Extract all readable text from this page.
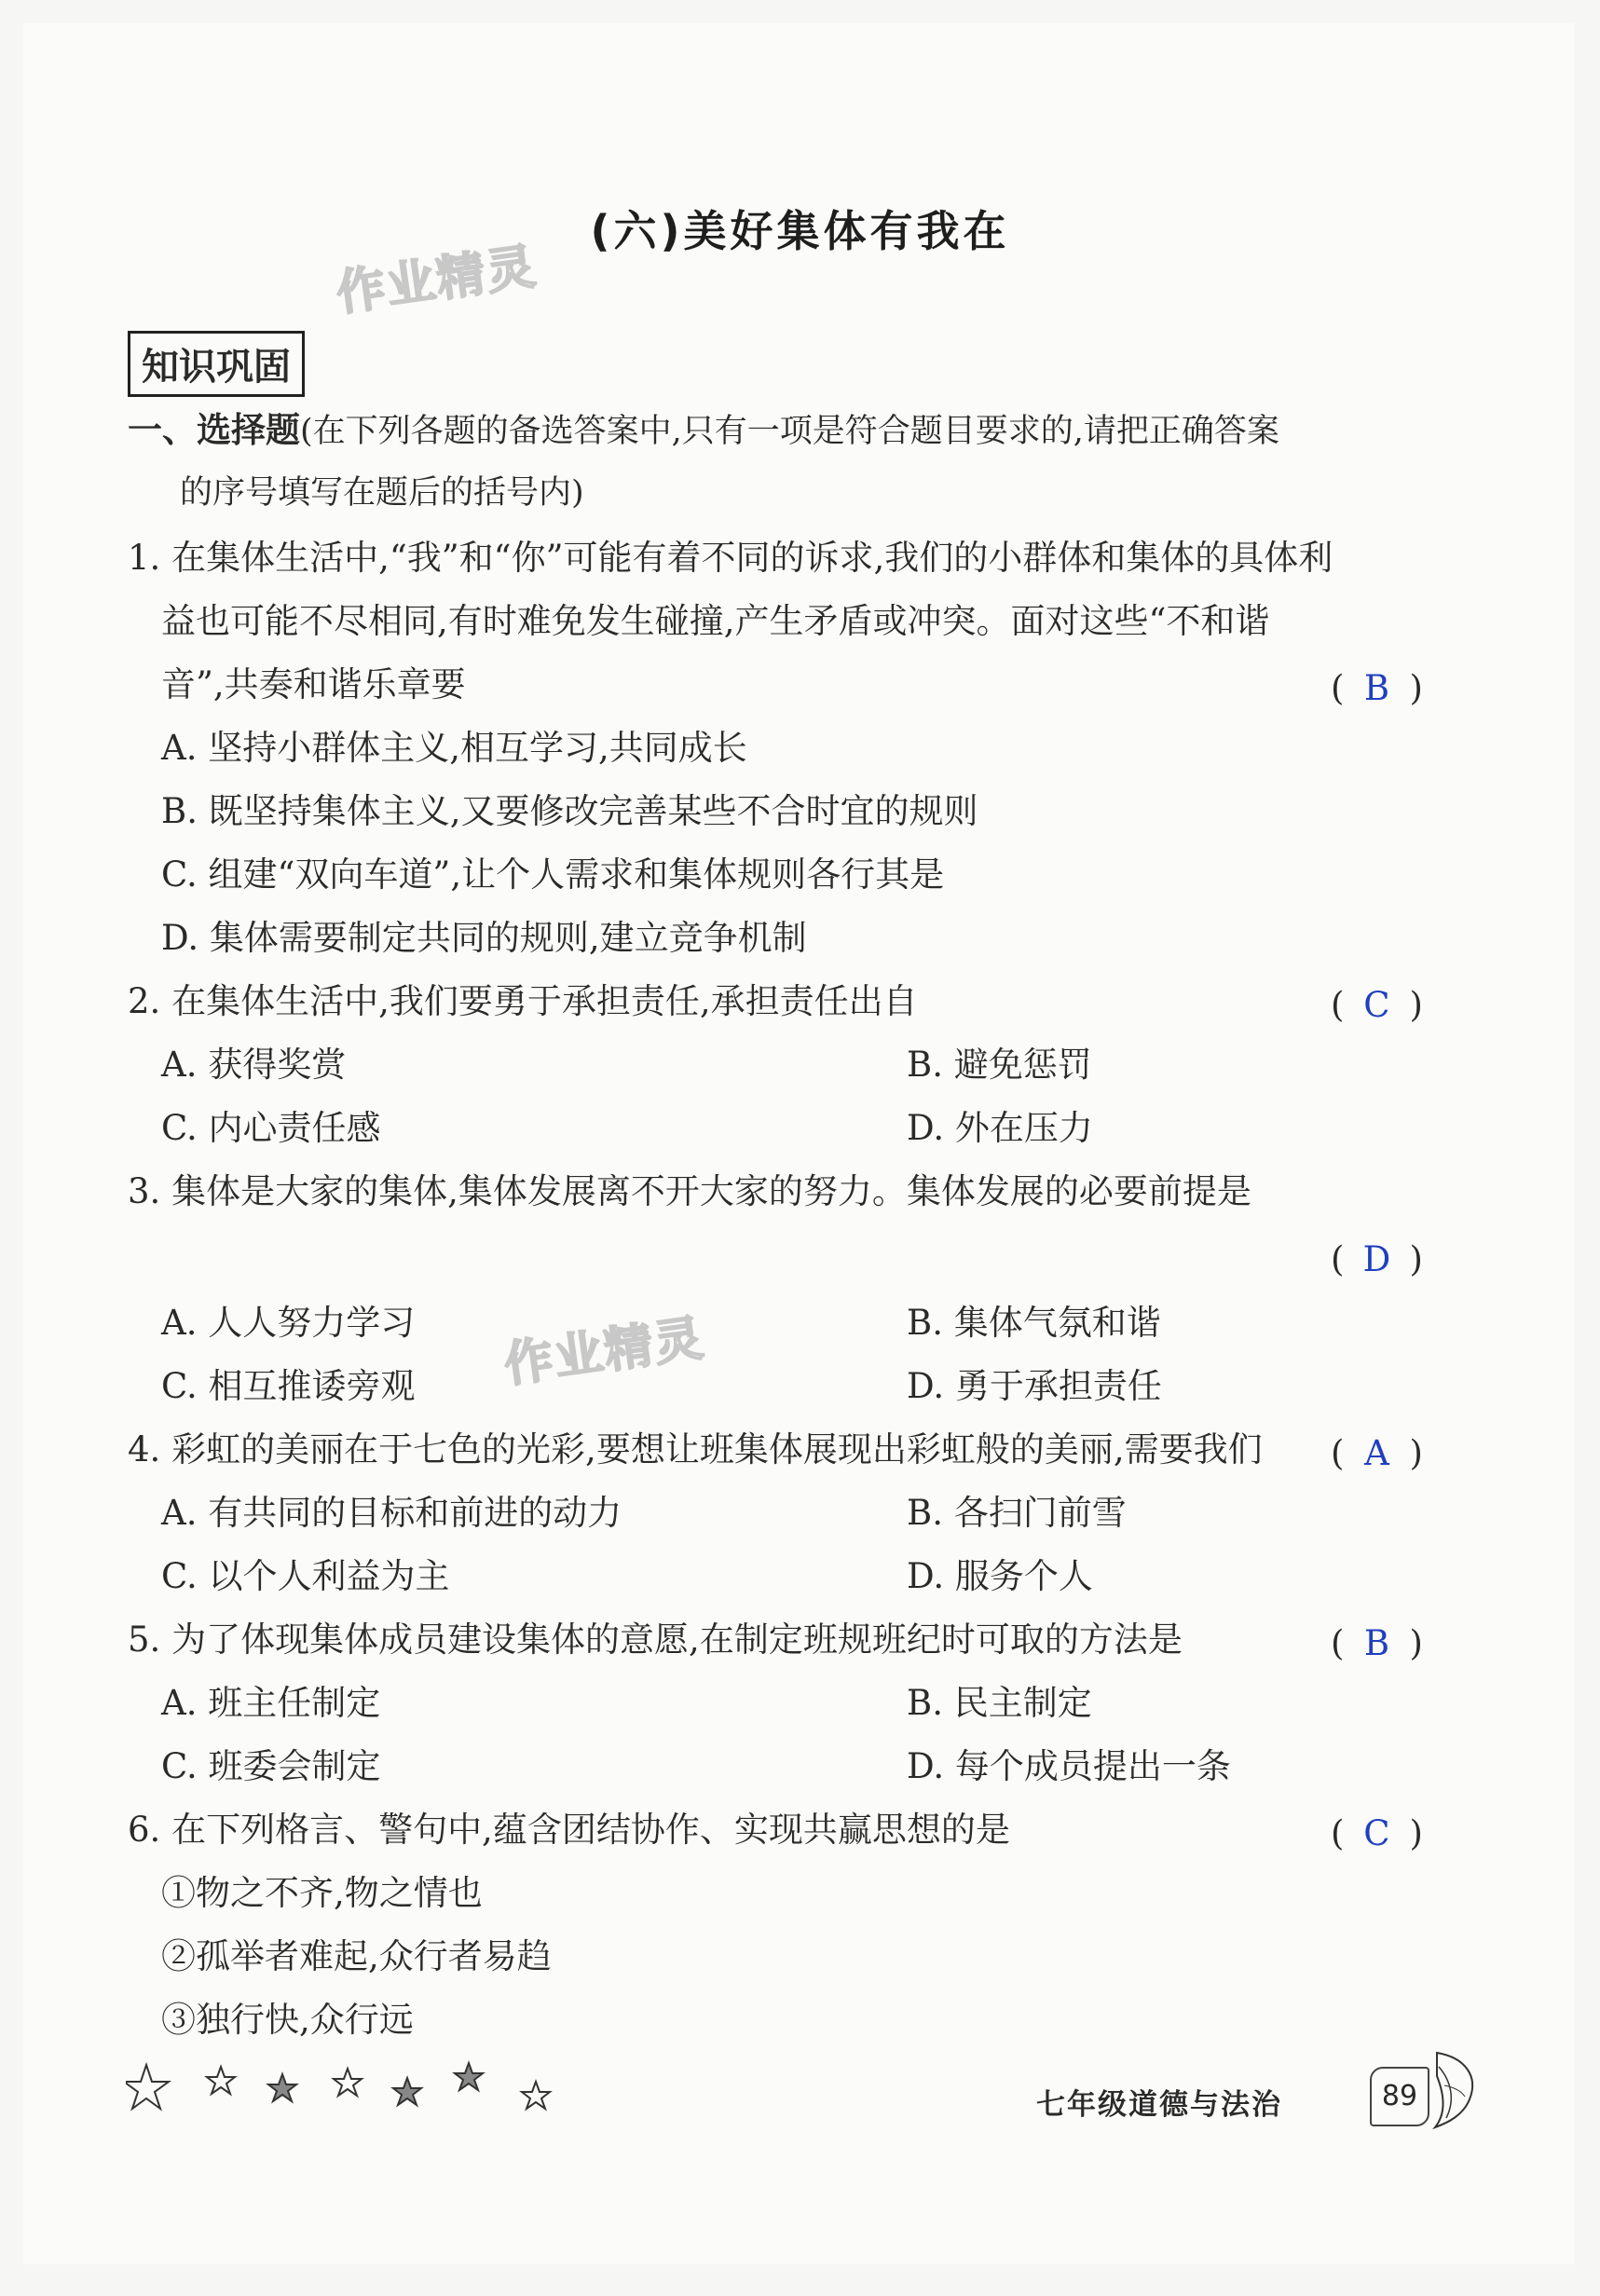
(六)美好集体有我在
作业精灵
作业精灵
知识巩固
一、选择题(在下列各题的备选答案中,只有一项是符合题目要求的,请把正确答案
的序号填写在题后的括号内)
1. 在集体生活中,“我”和“你”可能有着不同的诉求,我们的小群体和集体的具体利
益也可能不尽相同,有时难免发生碰撞,产生矛盾或冲突。面对这些“不和谐
音”,共奏和谐乐章要	( B )
A. 坚持小群体主义,相互学习,共同成长
B. 既坚持集体主义,又要修改完善某些不合时宜的规则
C. 组建“双向车道”,让个人需求和集体规则各行其是
D. 集体需要制定共同的规则,建立竞争机制
2. 在集体生活中,我们要勇于承担责任,承担责任出自	( C )
A. 获得奖赏	B. 避免惩罚
C. 内心责任感	D. 外在压力
3. 集体是大家的集体,集体发展离不开大家的努力。集体发展的必要前提是
( D )
A. 人人努力学习	B. 集体气氛和谐
C. 相互推诿旁观	D. 勇于承担责任
4. 彩虹的美丽在于七色的光彩,要想让班集体展现出彩虹般的美丽,需要我们 ( A )
A. 有共同的目标和前进的动力	B. 各扫门前雪
C. 以个人利益为主	D. 服务个人
5. 为了体现集体成员建设集体的意愿,在制定班规班纪时可取的方法是	( B )
A. 班主任制定	B. 民主制定
C. 班委会制定	D. 每个成员提出一条
6. 在下列格言、警句中,蕴含团结协作、实现共赢思想的是	( C )
①物之不齐,物之情也
②孤举者难起,众行者易趋
③独行快,众行远
七年级道德与法治	89
